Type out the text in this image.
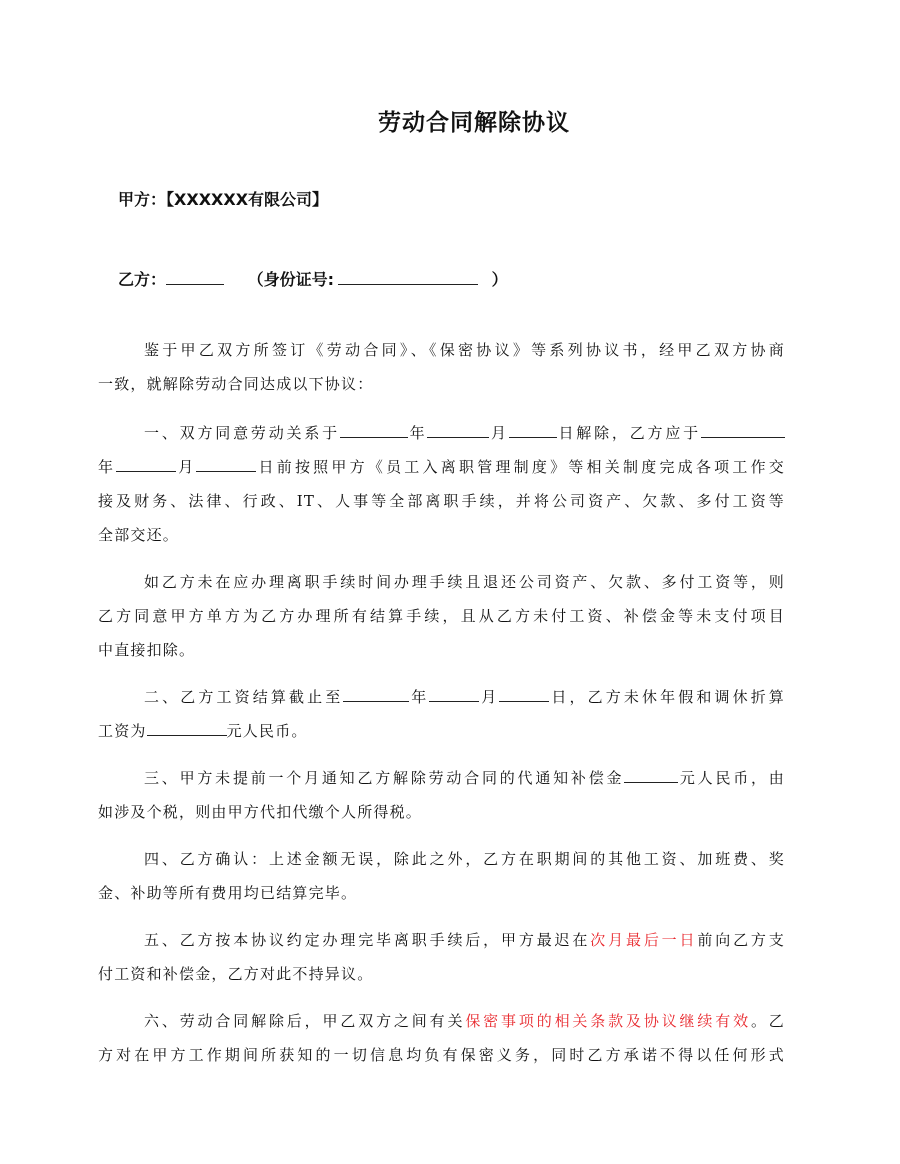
劳动合同解除协议
甲方：【XXXXXX有限公司】
乙方：	（身份证号:	）
鉴于甲乙双方所签订《劳动合同》、《保密协议》等系列协议书，经甲乙双方协商
一致，就解除劳动合同达成以下协议：
一、双方同意劳动关系于	年	月	日解除，乙方应于
年	月	日前按照甲方《员工入离职管理制度》等相关制度完成各项工作交
接及财务、法律、行政、IT、人事等全部离职手续，并将公司资产、欠款、多付工资等
全部交还。
如乙方未在应办理离职手续时间办理手续且退还公司资产、欠款、多付工资等，则
乙方同意甲方单方为乙方办理所有结算手续，且从乙方未付工资、补偿金等未支付项目
中直接扣除。
二、乙方工资结算截止至	年	月	日，乙方未休年假和调休折算
工资为	元人民币。
三、甲方未提前一个月通知乙方解除劳动合同的代通知补偿金	元人民币，由
如涉及个税，则由甲方代扣代缴个人所得税。
四、乙方确认：上述金额无误，除此之外，乙方在职期间的其他工资、加班费、奖
金、补助等所有费用均已结算完毕。
五、乙方按本协议约定办理完毕离职手续后，甲方最迟在次月最后一日前向乙方支
付工资和补偿金，乙方对此不持异议。
六、劳动合同解除后，甲乙双方之间有关保密事项的相关条款及协议继续有效。乙
方对在甲方工作期间所获知的一切信息均负有保密义务，同时乙方承诺不得以任何形式
